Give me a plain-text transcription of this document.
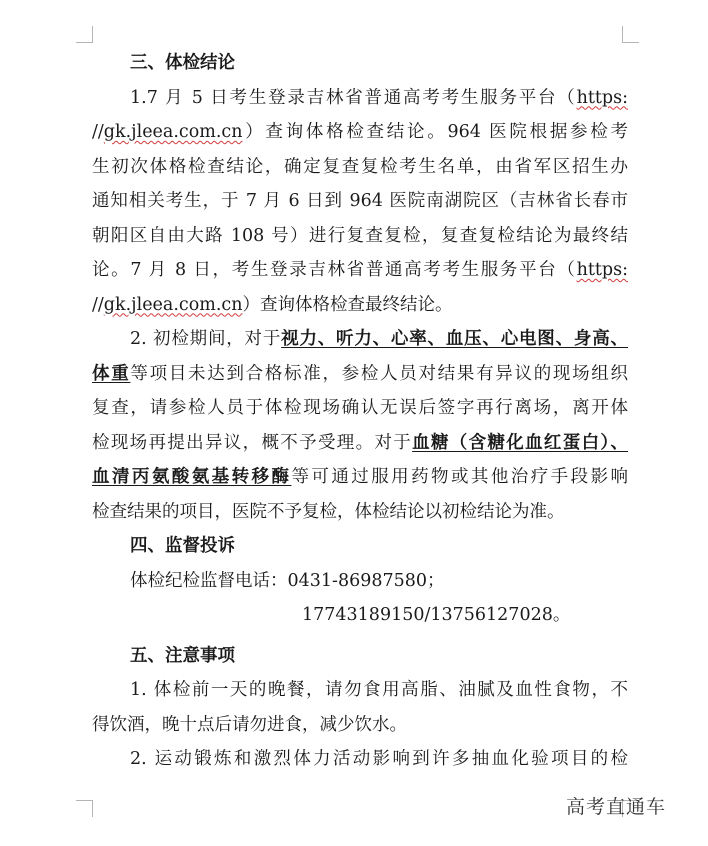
三、体检结论
1.7 月 5 日考生登录吉林省普通高考考生服务平台（https:
//gk.jleea.com.cn）查询体格检查结论。964 医院根据参检考
生初次体格检查结论，确定复查复检考生名单，由省军区招生办
通知相关考生，于 7 月 6 日到 964 医院南湖院区（吉林省长春市
朝阳区自由大路 108 号）进行复查复检，复查复检结论为最终结
论。7 月 8 日，考生登录吉林省普通高考考生服务平台（https:
//gk.jleea.com.cn）查询体格检查最终结论。
2. 初检期间，对于视力、听力、心率、血压、心电图、身高、
体重等项目未达到合格标准，参检人员对结果有异议的现场组织
复查，请参检人员于体检现场确认无误后签字再行离场，离开体
检现场再提出异议，概不予受理。对于血糖（含糖化血红蛋白）、
血清丙氨酸氨基转移酶等可通过服用药物或其他治疗手段影响
检查结果的项目，医院不予复检，体检结论以初检结论为准。
四、监督投诉
体检纪检监督电话：0431-86987580；
17743189150/13756127028。
五、注意事项
1. 体检前一天的晚餐，请勿食用高脂、油腻及血性食物，不
得饮酒，晚十点后请勿进食，减少饮水。
2. 运动锻炼和激烈体力活动影响到许多抽血化验项目的检
高考直通车
